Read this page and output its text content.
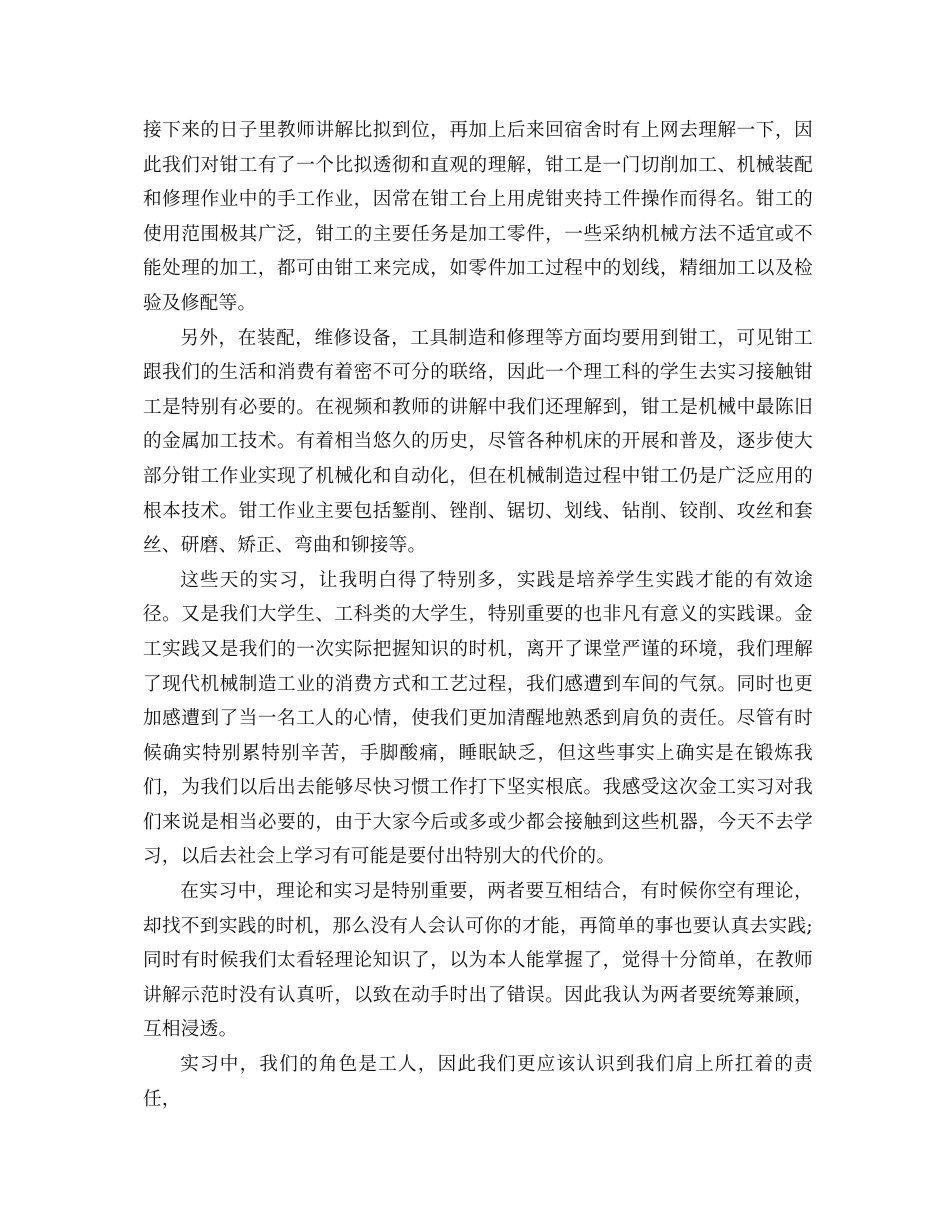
接下来的日子里教师讲解比拟到位，再加上后来回宿舍时有上网去理解一下，因此我们对钳工有了一个比拟透彻和直观的理解，钳工是一门切削加工、机械装配和修理作业中的手工作业，因常在钳工台上用虎钳夹持工件操作而得名。钳工的使用范围极其广泛，钳工的主要任务是加工零件，一些采纳机械方法不适宜或不能处理的加工，都可由钳工来完成，如零件加工过程中的划线，精细加工以及检验及修配等。

另外，在装配，维修设备，工具制造和修理等方面均要用到钳工，可见钳工跟我们的生活和消费有着密不可分的联络，因此一个理工科的学生去实习接触钳工是特别有必要的。在视频和教师的讲解中我们还理解到，钳工是机械中最陈旧的金属加工技术。有着相当悠久的历史，尽管各种机床的开展和普及，逐步使大部分钳工作业实现了机械化和自动化，但在机械制造过程中钳工仍是广泛应用的根本技术。钳工作业主要包括錾削、锉削、锯切、划线、钻削、铰削、攻丝和套丝、研磨、矫正、弯曲和铆接等。

这些天的实习，让我明白得了特别多，实践是培养学生实践才能的有效途径。又是我们大学生、工科类的大学生，特别重要的也非凡有意义的实践课。金工实践又是我们的一次实际把握知识的时机，离开了课堂严谨的环境，我们理解了现代机械制造工业的消费方式和工艺过程，我们感遭到车间的气氛。同时也更加感遭到了当一名工人的心情，使我们更加清醒地熟悉到肩负的责任。尽管有时候确实特别累特别辛苦，手脚酸痛，睡眠缺乏，但这些事实上确实是在锻炼我们，为我们以后出去能够尽快习惯工作打下坚实根底。我感受这次金工实习对我们来说是相当必要的，由于大家今后或多或少都会接触到这些机器，今天不去学习，以后去社会上学习有可能是要付出特别大的代价的。

在实习中，理论和实习是特别重要，两者要互相结合，有时候你空有理论，却找不到实践的时机，那么没有人会认可你的才能，再简单的事也要认真去实践;同时有时候我们太看轻理论知识了，以为本人能掌握了，觉得十分简单，在教师讲解示范时没有认真听，以致在动手时出了错误。因此我认为两者要统筹兼顾，互相浸透。

实习中，我们的角色是工人，因此我们更应该认识到我们肩上所扛着的责任，
